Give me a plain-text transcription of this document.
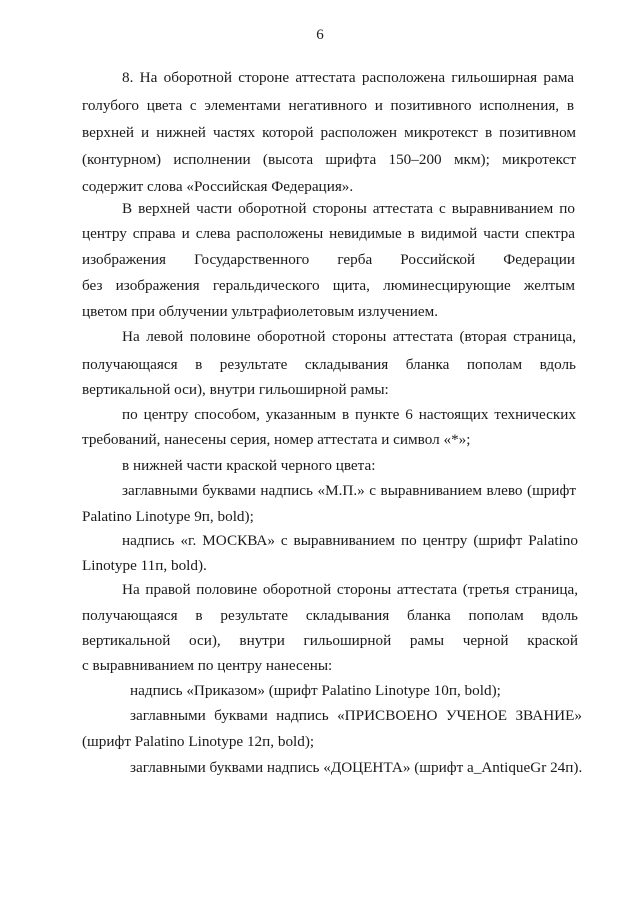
6
8. На оборотной стороне аттестата расположена гильоширная рама
голубого цвета с элементами негативного и позитивного исполнения, в
верхней и нижней частях которой расположен микротекст в позитивном
(контурном) исполнении (высота шрифта 150–200 мкм); микротекст
содержит слова «Российская Федерация».
В верхней части оборотной стороны аттестата с выравниванием по
центру справа и слева расположены невидимые в видимой части спектра
изображения Государственного герба Российской Федерации
без изображения геральдического щита, люминесцирующие желтым
цветом при облучении ультрафиолетовым излучением.
На левой половине оборотной стороны аттестата (вторая страница,
получающаяся в результате складывания бланка пополам вдоль
вертикальной оси), внутри гильоширной рамы:
по центру способом, указанным в пункте 6 настоящих технических
требований, нанесены серия, номер аттестата и символ «*»;
в нижней части краской черного цвета:
заглавными буквами надпись «М.П.» с выравниванием влево (шрифт
Palatino Linotype 9п, bold);
надпись «г. МОСКВА» с выравниванием по центру (шрифт Palatino
Linotype 11п, bold).
На правой половине оборотной стороны аттестата (третья страница,
получающаяся в результате складывания бланка пополам вдоль
вертикальной оси), внутри гильоширной рамы черной краской
с выравниванием по центру нанесены:
надпись «Приказом» (шрифт Palatino Linotype 10п, bold);
заглавными буквами надпись «ПРИСВОЕНО УЧЕНОЕ ЗВАНИЕ»
(шрифт Palatino Linotype 12п, bold);
заглавными буквами надпись «ДОЦЕНТА» (шрифт a_AntiqueGr 24п).
